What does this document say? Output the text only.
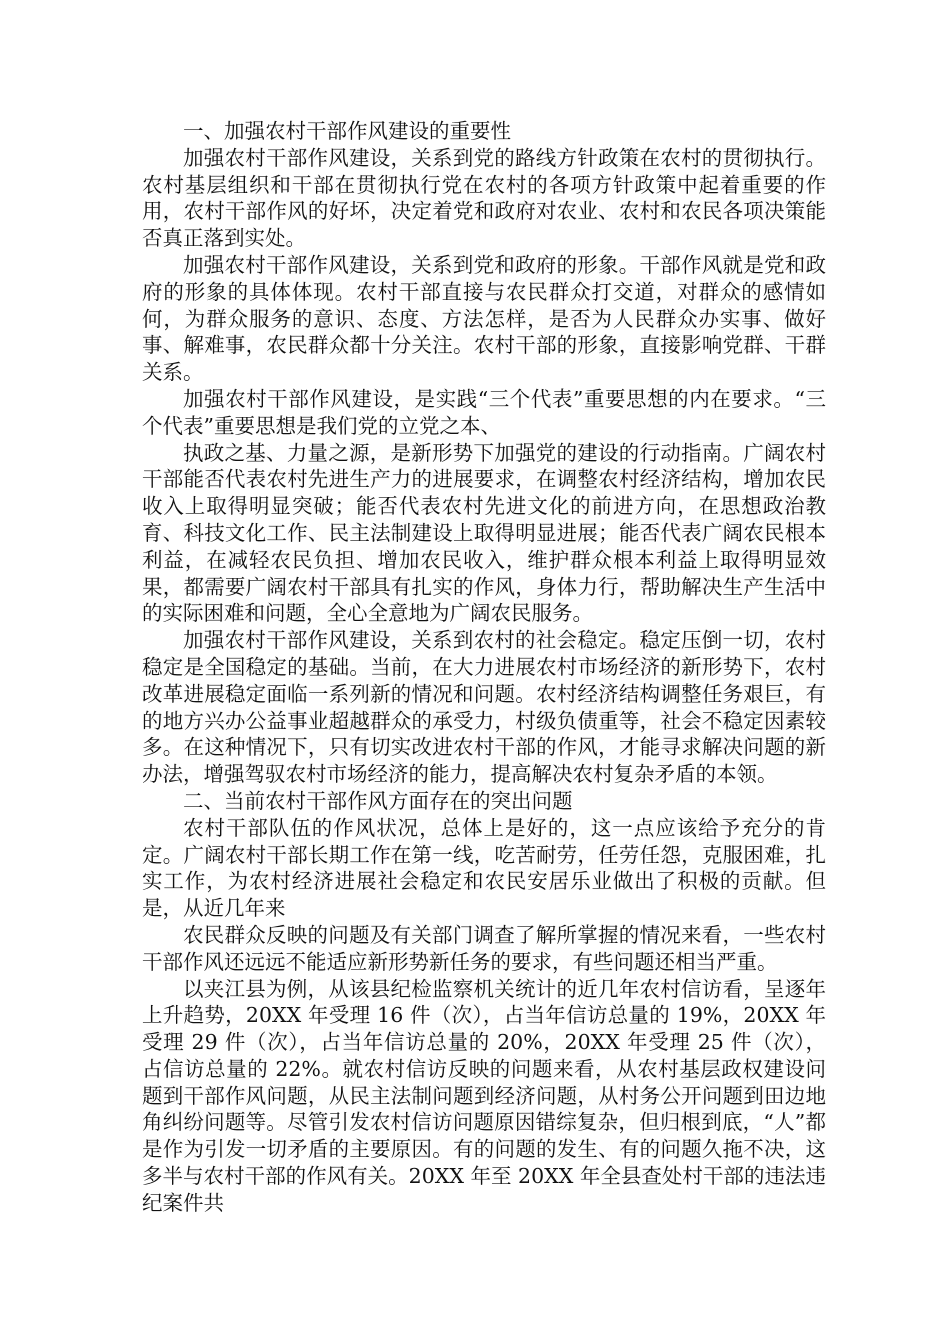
一、加强农村干部作风建设的重要性

加强农村干部作风建设，关系到党的路线方针政策在农村的贯彻执行。农村基层组织和干部在贯彻执行党在农村的各项方针政策中起着重要的作用，农村干部作风的好坏，决定着党和政府对农业、农村和农民各项决策能否真正落到实处。

加强农村干部作风建设，关系到党和政府的形象。干部作风就是党和政府的形象的具体体现。农村干部直接与农民群众打交道，对群众的感情如何，为群众服务的意识、态度、方法怎样，是否为人民群众办实事、做好事、解难事，农民群众都十分关注。农村干部的形象，直接影响党群、干群关系。

加强农村干部作风建设，是实践“三个代表”重要思想的内在要求。“三个代表”重要思想是我们党的立党之本、

执政之基、力量之源，是新形势下加强党的建设的行动指南。广阔农村干部能否代表农村先进生产力的进展要求，在调整农村经济结构，增加农民收入上取得明显突破；能否代表农村先进文化的前进方向，在思想政治教育、科技文化工作、民主法制建设上取得明显进展；能否代表广阔农民根本利益，在减轻农民负担、增加农民收入，维护群众根本利益上取得明显效果，都需要广阔农村干部具有扎实的作风，身体力行，帮助解决生产生活中的实际困难和问题，全心全意地为广阔农民服务。

加强农村干部作风建设，关系到农村的社会稳定。稳定压倒一切，农村稳定是全国稳定的基础。当前，在大力进展农村市场经济的新形势下，农村改革进展稳定面临一系列新的情况和问题。农村经济结构调整任务艰巨，有的地方兴办公益事业超越群众的承受力，村级负债重等，社会不稳定因素较多。在这种情况下，只有切实改进农村干部的作风，才能寻求解决问题的新办法，增强驾驭农村市场经济的能力，提高解决农村复杂矛盾的本领。

二、当前农村干部作风方面存在的突出问题

农村干部队伍的作风状况，总体上是好的，这一点应该给予充分的肯定。广阔农村干部长期工作在第一线，吃苦耐劳，任劳任怨，克服困难，扎实工作，为农村经济进展社会稳定和农民安居乐业做出了积极的贡献。但是，从近几年来

农民群众反映的问题及有关部门调查了解所掌握的情况来看，一些农村干部作风还远远不能适应新形势新任务的要求，有些问题还相当严重。

以夹江县为例，从该县纪检监察机关统计的近几年农村信访看，呈逐年上升趋势，20XX 年受理 16 件（次），占当年信访总量的 19%，20XX 年受理 29 件（次），占当年信访总量的 20%，20XX 年受理 25 件（次），占信访总量的 22%。就农村信访反映的问题来看，从农村基层政权建设问题到干部作风问题，从民主法制问题到经济问题，从村务公开问题到田边地角纠纷问题等。尽管引发农村信访问题原因错综复杂，但归根到底，“人”都是作为引发一切矛盾的主要原因。有的问题的发生、有的问题久拖不决，这多半与农村干部的作风有关。20XX 年至 20XX 年全县查处村干部的违法违纪案件共
